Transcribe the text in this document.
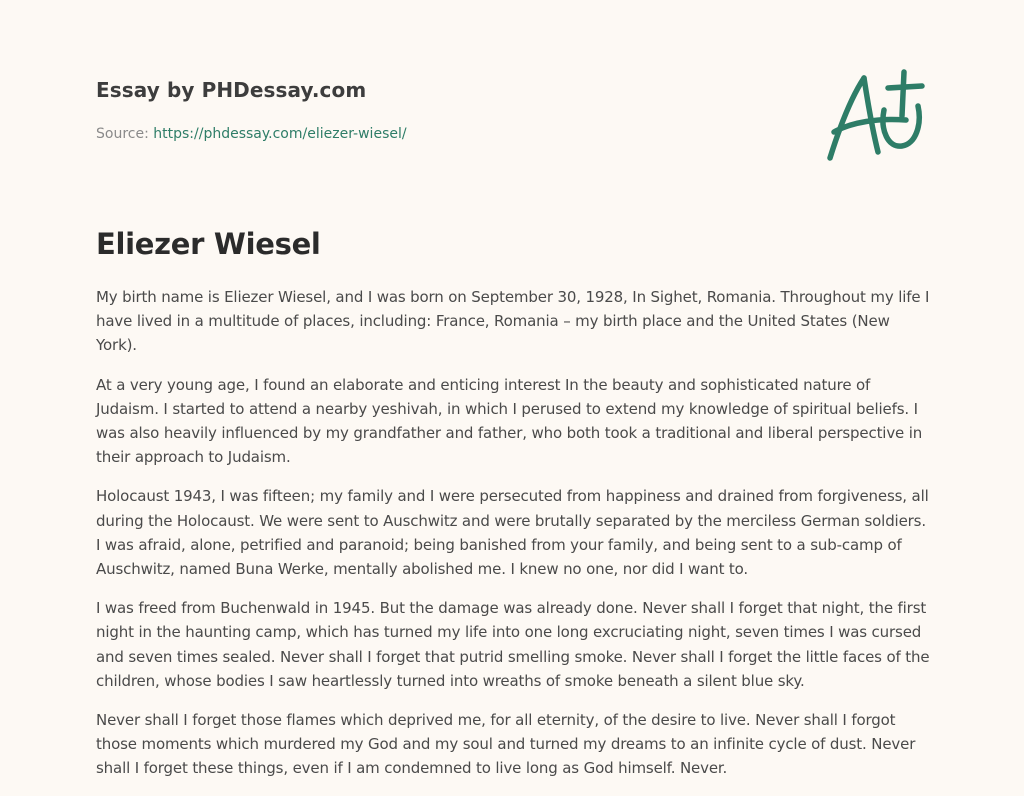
Essay by PHDessay.com
Source: https://phdessay.com/eliezer-wiesel/
Eliezer Wiesel

My birth name is Eliezer Wiesel, and I was born on September 30, 1928, In Sighet, Romania. Throughout my life I have lived in a multitude of places, including: France, Romania – my birth place and the United States (New York).

At a very young age, I found an elaborate and enticing interest In the beauty and sophisticated nature of Judaism. I started to attend a nearby yeshivah, in which I perused to extend my knowledge of spiritual beliefs. I was also heavily influenced by my grandfather and father, who both took a traditional and liberal perspective in their approach to Judaism.

Holocaust 1943, I was fifteen; my family and I were persecuted from happiness and drained from forgiveness, all during the Holocaust. We were sent to Auschwitz and were brutally separated by the merciless German soldiers. I was afraid, alone, petrified and paranoid; being banished from your family, and being sent to a sub-camp of Auschwitz, named Buna Werke, mentally abolished me. I knew no one, nor did I want to.

I was freed from Buchenwald in 1945. But the damage was already done. Never shall I forget that night, the first night in the haunting camp, which has turned my life into one long excruciating night, seven times I was cursed and seven times sealed. Never shall I forget that putrid smelling smoke. Never shall I forget the little faces of the children, whose bodies I saw heartlessly turned into wreaths of smoke beneath a silent blue sky.

Never shall I forget those flames which deprived me, for all eternity, of the desire to live. Never shall I forgot those moments which murdered my God and my soul and turned my dreams to an infinite cycle of dust. Never shall I forget these things, even if I am condemned to live long as God himself. Never.
